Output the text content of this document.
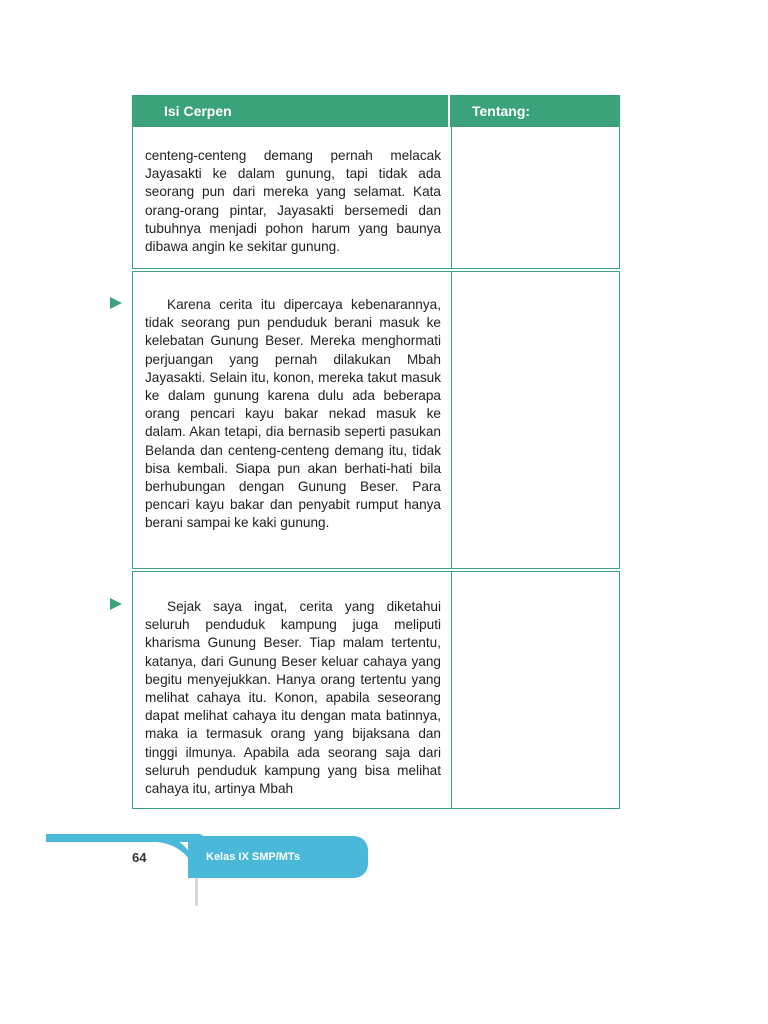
Isi Cerpen	Tentang:

centeng-centeng demang pernah melacak Jayasakti ke dalam gunung, tapi tidak ada seorang pun dari mereka yang selamat. Kata orang-orang pintar, Jayasakti bersemedi dan tubuhnya menjadi pohon harum yang baunya dibawa angin ke sekitar gunung.

Karena cerita itu dipercaya kebenarannya, tidak seorang pun penduduk berani masuk ke kelebatan Gunung Beser. Mereka menghormati perjuangan yang pernah dilakukan Mbah Jayasakti. Selain itu, konon, mereka takut masuk ke dalam gunung karena dulu ada beberapa orang pencari kayu bakar nekad masuk ke dalam. Akan tetapi, dia bernasib seperti pasukan Belanda dan centeng-centeng demang itu, tidak bisa kembali. Siapa pun akan berhati-hati bila berhubungan dengan Gunung Beser. Para pencari kayu bakar dan penyabit rumput hanya berani sampai ke kaki gunung.

Sejak saya ingat, cerita yang diketahui seluruh penduduk kampung juga meliputi kharisma Gunung Beser. Tiap malam tertentu, katanya, dari Gunung Beser keluar cahaya yang begitu menyejukkan. Hanya orang tertentu yang melihat cahaya itu. Konon, apabila seseorang dapat melihat cahaya itu dengan mata batinnya, maka ia termasuk orang yang bijaksana dan tinggi ilmunya. Apabila ada seorang saja dari seluruh penduduk kampung yang bisa melihat cahaya itu, artinya Mbah

64	Kelas IX SMP/MTs
